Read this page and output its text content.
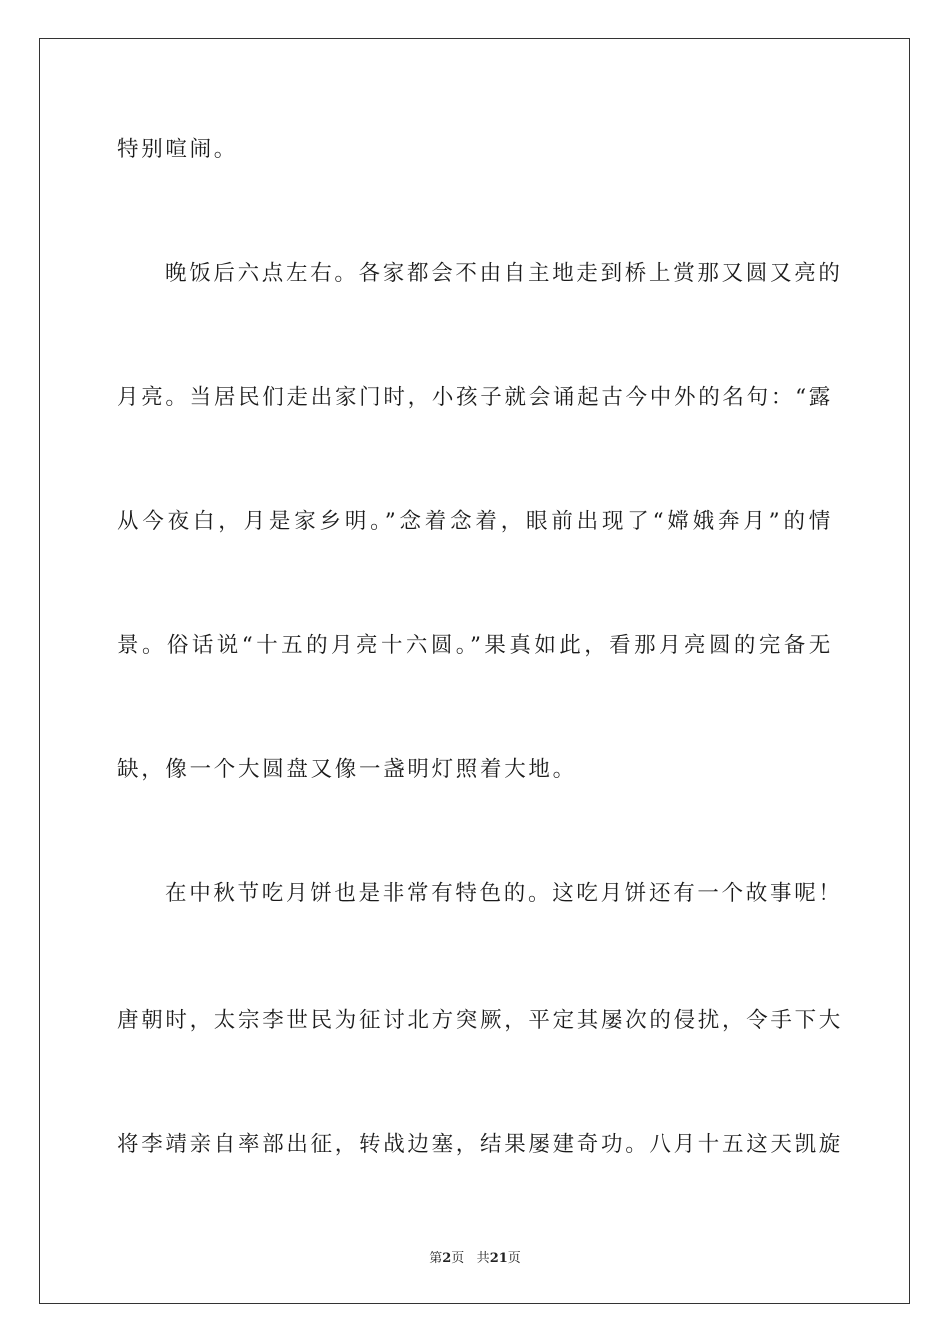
特别喧闹。
晚饭后六点左右。各家都会不由自主地走到桥上赏那又圆又亮的
月亮。当居民们走出家门时，小孩子就会诵起古今中外的名句：“露
从今夜白，月是家乡明。”念着念着，眼前出现了“嫦娥奔月”的情
景。俗话说“十五的月亮十六圆。”果真如此，看那月亮圆的完备无
缺，像一个大圆盘又像一盏明灯照着大地。
在中秋节吃月饼也是非常有特色的。这吃月饼还有一个故事呢！
唐朝时，太宗李世民为征讨北方突厥，平定其屡次的侵扰，令手下大
将李靖亲自率部出征，转战边塞，结果屡建奇功。八月十五这天凯旋
第2页 共21页
